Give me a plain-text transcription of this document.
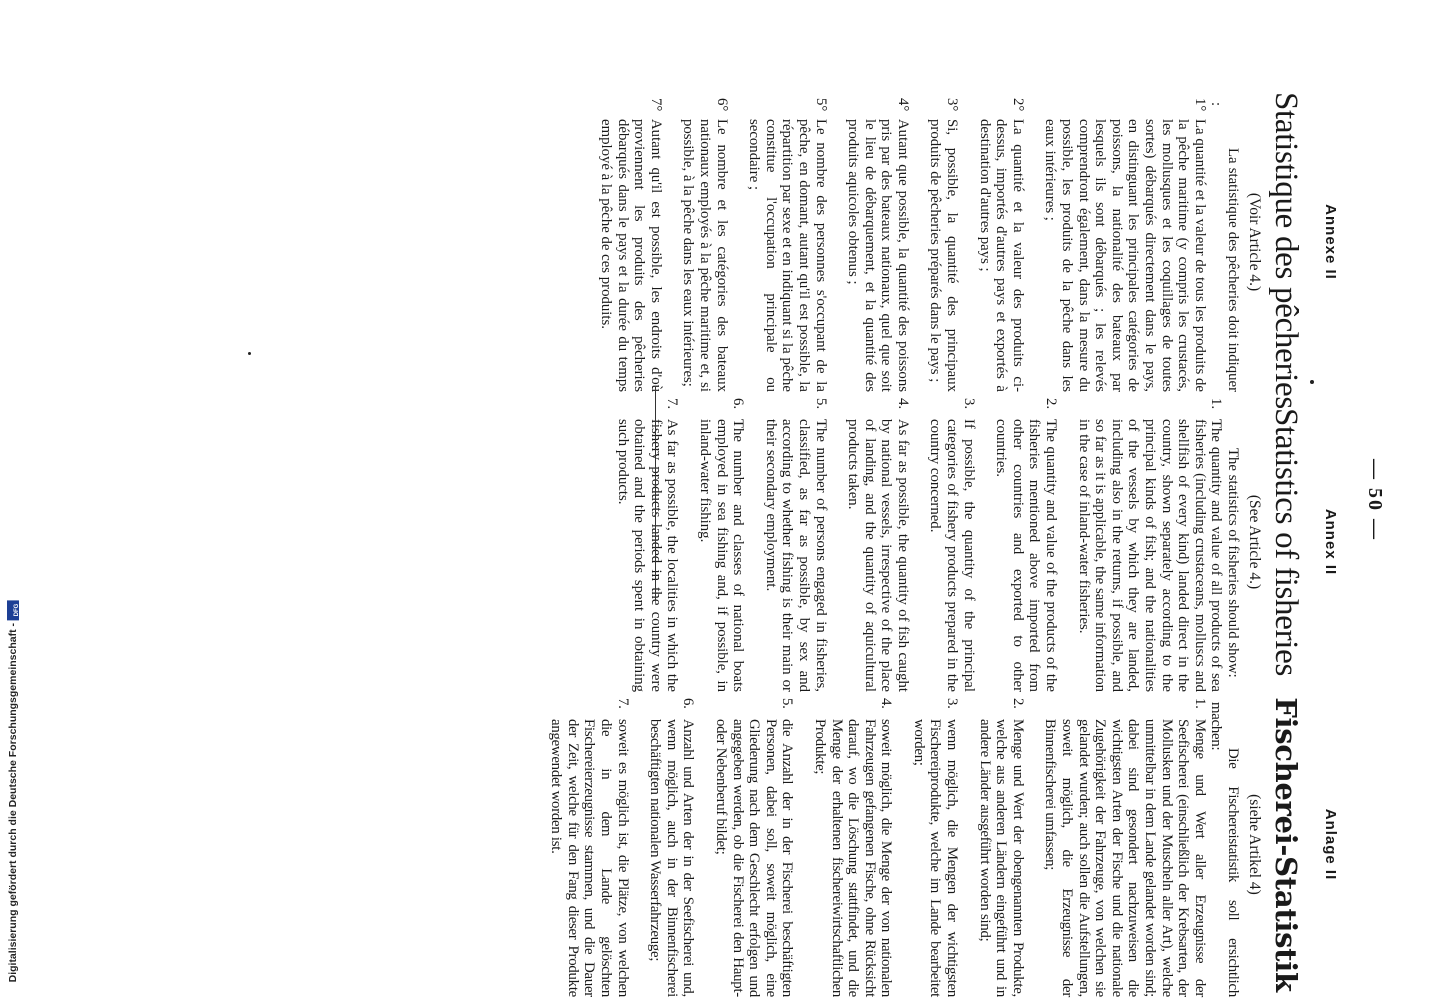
— 50 —
Annexe II
Statistique des pêcheries
(Voir Article 4.)

La statistique des pêcheries doit indiquer :

1°
La quantité et la valeur de tous les produits de la pêche maritime (y compris les crustacés, les mollusques et les coquillages de toutes sortes) débarqués directement dans le pays, en distinguant les principales catégories de poissons, la nationalité des bateaux par lesquels ils sont débarqués ; les relevés comprendront également, dans la mesure du possible, les produits de la pêche dans les eaux intérieures ;
2°
La quantité et la valeur des produits ci-dessus, importés d'autres pays et exportés à destination d'autres pays ;
3°
Si, possible, la quantité des principaux produits de pêcheries préparés dans le pays ;
4°
Autant que possible, la quantité des poissons pris par des bateaux nationaux, quel que soit le lieu de débarquement, et la quantité des produits aquicoles obtenus ;
5°
Le nombre des personnes s'occupant de la pêche, en domant, autant qu'il est possible, la répartition par sexe et en indiquant si la pêche constitue l'occupation principale ou secondaire ;
6°
Le nombre et les catégories des bateaux nationaux employés à la pêche maritime et, si possible, à la pêche dans les eaux intérieures;
7°
Autant qu'il est possible, les endroits d'où proviennent les produits des pêcheries débarqués dans le pays et la durée du temps employé à la pêche de ces produits.
Annex II
Statistics of fisheries
(See Article 4.)

The statistics of fisheries should show:

1.
The quantity and value of all products of sea fisheries (including crustaceans, molluscs and shellfish of every kind) landed direct in the country, shown separately according to the principal kinds of fish; and the nationalities of the vessels by which they are landed, including also in the returns, if possible, and so far as it is applicable, the same information in the case of inland-water fisheries.
2.
The quantity and value of the products of the fisheries mentioned above imported from other countries and exported to other countries.
3.
If possible, the quantity of the principal categories of fishery products prepared in the country concerned.
4.
As far as possible, the quantity of fish caught by national vessels, irrespective of the place of landing, and the quantity of aquicultural products taken.
5.
The number of persons engaged in fisheries, classified, as far as possible, by sex and according to whether fishing is their main or their secondary employment.
6.
The number and classes of national boats employed in sea fishing and, if possible, in inland-water fishing.
7.
As far as possible, the localities in which the fishery products landed in the country were obtained and the periods spent in obtaining such products.
Anlage II
Fischerei-Statistik
(siehe Artikel 4)

Die Fischereistatistik soll ersichtlich machen:

1.
Menge und Wert aller Erzeugnisse der Seefischerei (einschließlich der Krebsarten, der Mollusken und der Muscheln aller Art), welche unmittelbar in dem Lande gelandet worden sind; dabei sind gesondert nachzuweisen die wichtigsten Arten der Fische und die nationale Zugehörigkeit der Fahrzeuge, von welchen sie gelandet wurden; auch sollen die Aufstellungen, soweit möglich, die Erzeugnisse der Binnenfischerei umfassen;
2.
Menge und Wert der obengenannten Produkte, welche aus anderen Ländern eingeführt und in andere Länder ausgeführt worden sind;
3.
wenn möglich, die Mengen der wichtigsten Fischereiprodukte, welche im Lande bearbeitet worden;
4.
soweit möglich, die Menge der von nationalen Fahrzeugen gefangenen Fische, ohne Rücksicht darauf, wo die Löschung stattfindet, und die Menge der erhaltenen fischereiwirtschaftlichen Produkte;
5.
die Anzahl der in der Fischerei beschäftigten Personen, dabei soll, soweit möglich, eine Gliederung nach dem Geschlecht erfolgen und angegeben werden, ob die Fischerei den Haupt- oder Nebenberuf bildet;
6.
Anzahl und Arten der in der Seefischerei und, wenn möglich, auch in der Binnenfischerei beschäftigten nationalen Wasserfahrzeuge;
7.
soweit es möglich ist, die Plätze, von welchen die in dem Lande gelöschten Fischereierzeugnisse stammen, und die Dauer der Zeit, welche für den Fang dieser Produkte angewendet worden ist.
Digitalisierung gefördert durch die Deutsche Forschungsgemeinschaft -
DFG
